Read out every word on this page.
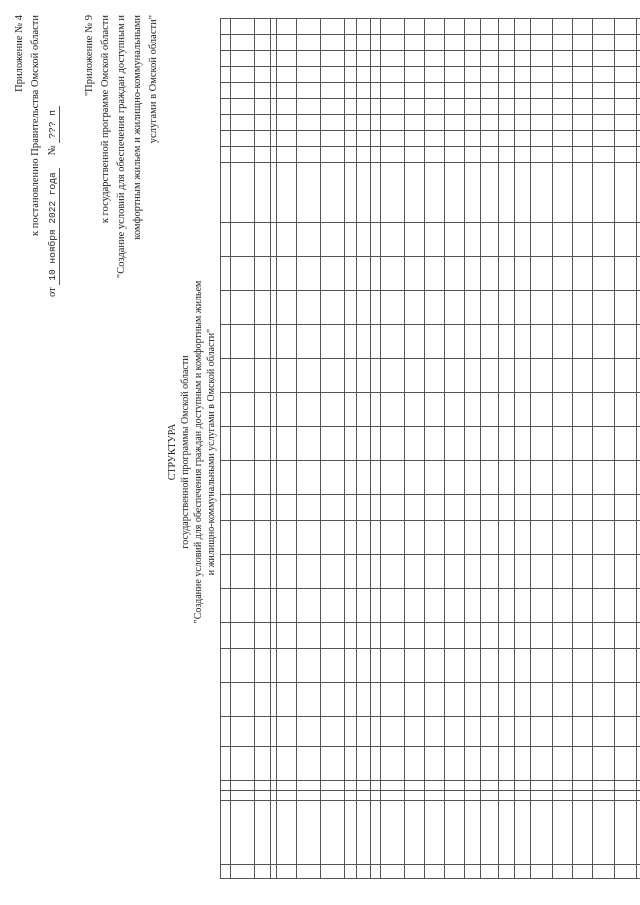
Приложение № 4 к постановлению Правительства Омской области
от 10 ноября 2022 года     № ??? п
"Приложение № 9 к государственной программе Омской области "Создание условий для обеспечения граждан доступным и комфортным жильем и жилищно-коммунальными услугами в Омской области"
СТРУКТУРА государственной программы Омской области "Создание условий для обеспечения граждан доступным и комфортным жильем и жилищно-коммунальными услугами в Омской области"
